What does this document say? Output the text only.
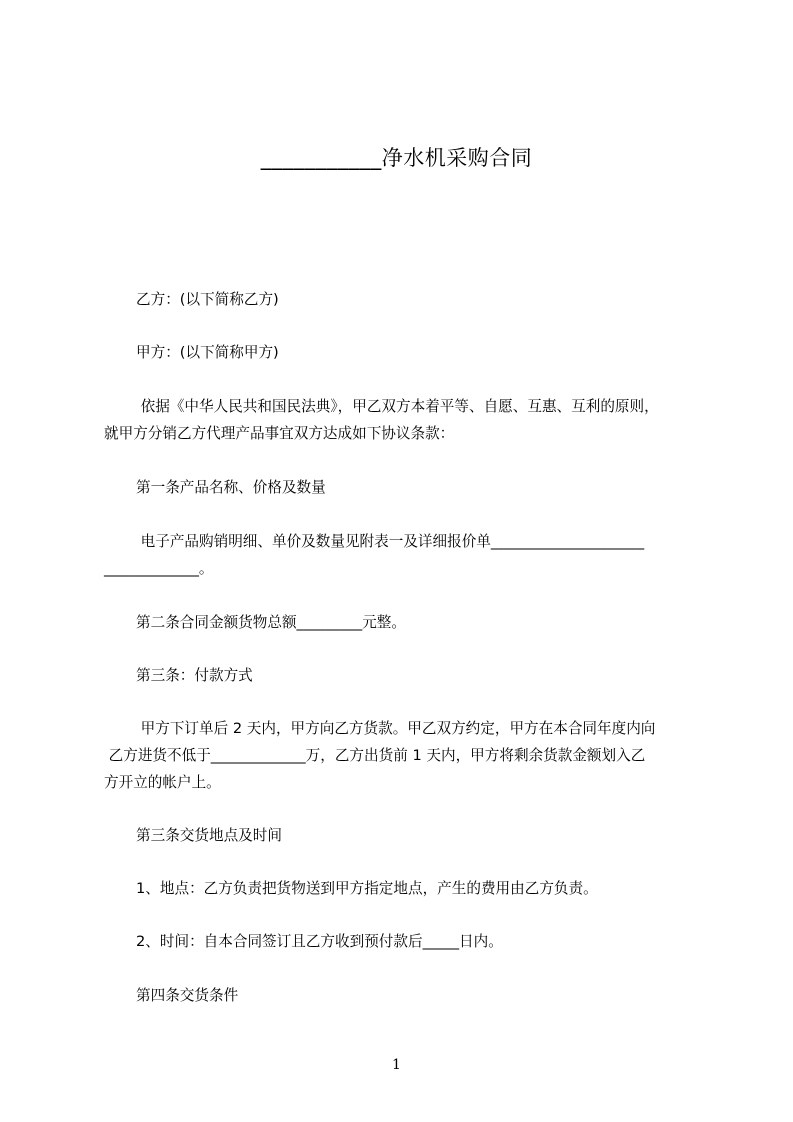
___________净水机采购合同
乙方：(以下简称乙方)
甲方：(以下简称甲方)
依据《中华人民共和国民法典》，甲乙双方本着平等、自愿、互惠、互利的原则，
就甲方分销乙方代理产品事宜双方达成如下协议条款：
第一条产品名称、价格及数量
电子产品购销明细、单价及数量见附表一及详细报价单_____________________
_____________。
第二条合同金额货物总额_________元整。
第三条：付款方式
甲方下订单后 2 天内，甲方向乙方货款。甲乙双方约定，甲方在本合同年度内向
乙方进货不低于_____________万，乙方出货前 1 天内，甲方将剩余货款金额划入乙
方开立的帐户上。
第三条交货地点及时间
1、地点：乙方负责把货物送到甲方指定地点，产生的费用由乙方负责。
2、时间：自本合同签订且乙方收到预付款后_____日内。
第四条交货条件
1
